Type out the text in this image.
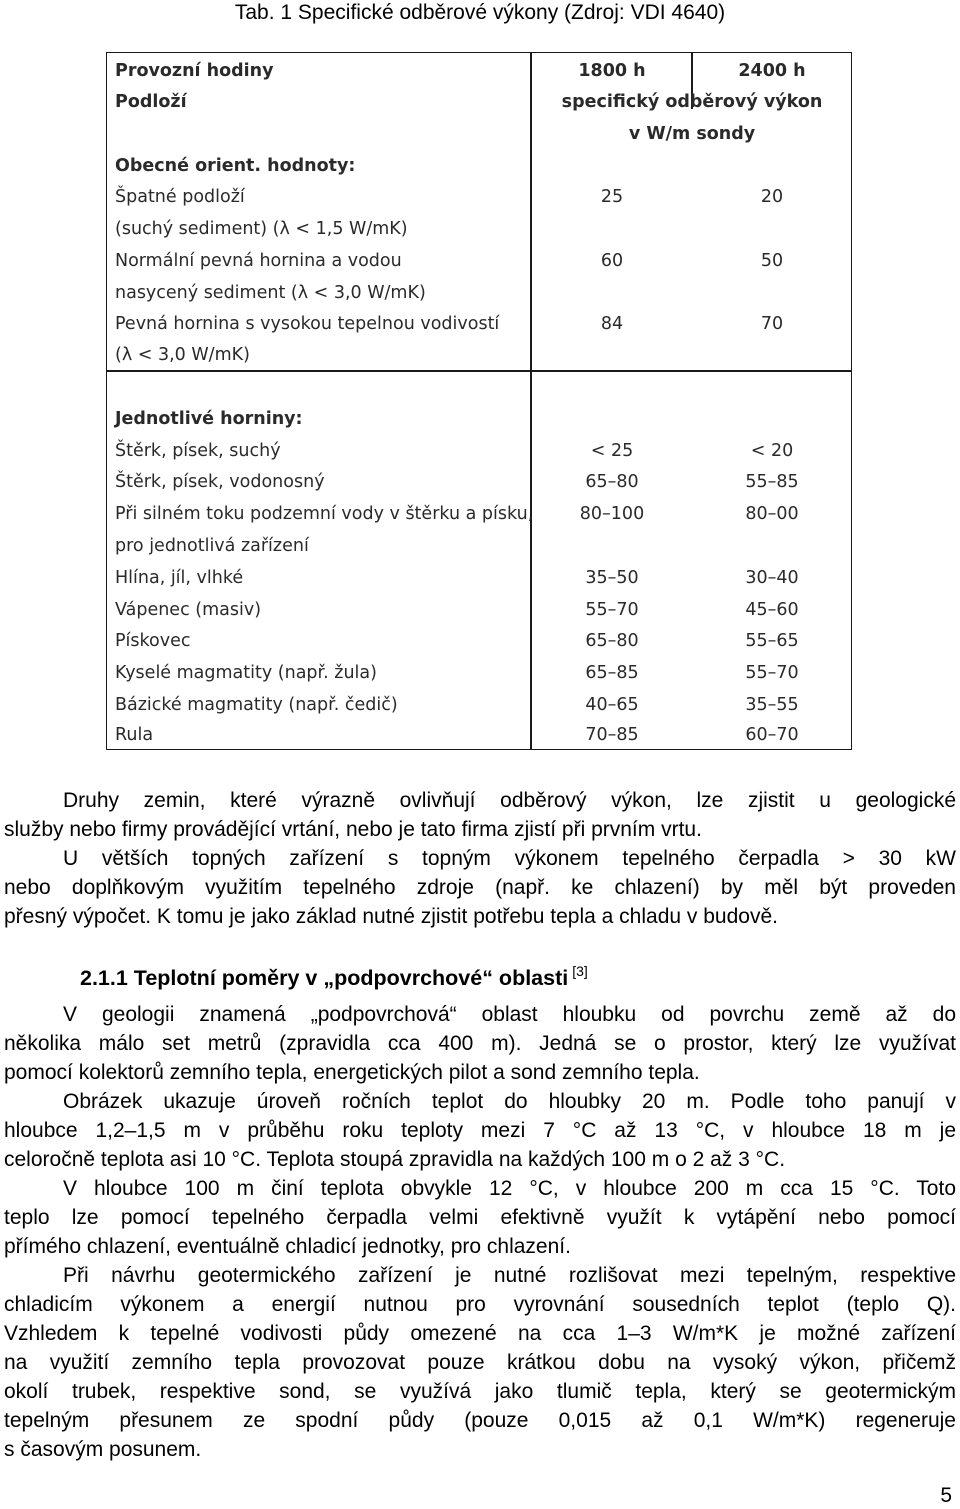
Tab. 1 Specifické odběrové výkony (Zdroj: VDI 4640)
Provozní hodiny	1800 h	2400 h
Podloží	specifický odběrový výkon
v W/m sondy
Obecné orient. hodnoty:
Špatné podloží	25	20
(suchý sediment) (λ < 1,5 W/mK)
Normální pevná hornina a vodou	60	50
nasycený sediment (λ < 3,0 W/mK)
Pevná hornina s vysokou tepelnou vodivostí	84	70
(λ < 3,0 W/mK)
Jednotlivé horniny:
Štěrk, písek, suchý	< 25	< 20
Štěrk, písek, vodonosný	65–80	55–85
Při silném toku podzemní vody v štěrku a písku,	80–100	80–00
pro jednotlivá zařízení
Hlína, jíl, vlhké	35–50	30–40
Vápenec (masiv)	55–70	45–60
Pískovec	65–80	55–65
Kyselé magmatity (např. žula)	65–85	55–70
Bázické magmatity (např. čedič)	40–65	35–55
Rula	70–85	60–70
Druhy zemin, které výrazně ovlivňují odběrový výkon, lze zjistit u geologické
služby nebo firmy provádějící vrtání, nebo je tato firma zjistí při prvním vrtu.
U větších topných zařízení s topným výkonem tepelného čerpadla > 30 kW
nebo doplňkovým využitím tepelného zdroje (např. ke chlazení) by měl být proveden
přesný výpočet. K tomu je jako základ nutné zjistit potřebu tepla a chladu v budově.
2.1.1 Teplotní poměry v „podpovrchové“ oblasti [3]
V geologii znamená „podpovrchová“ oblast hloubku od povrchu země až do
několika málo set metrů (zpravidla cca 400 m). Jedná se o prostor, který lze využívat
pomocí kolektorů zemního tepla, energetických pilot a sond zemního tepla.
Obrázek ukazuje úroveň ročních teplot do hloubky 20 m. Podle toho panují v
hloubce 1,2–1,5 m v průběhu roku teploty mezi 7 °C až 13 °C, v hloubce 18 m je
celoročně teplota asi 10 °C. Teplota stoupá zpravidla na každých 100 m o 2 až 3 °C.
V hloubce 100 m činí teplota obvykle 12 °C, v hloubce 200 m cca 15 °C. Toto
teplo lze pomocí tepelného čerpadla velmi efektivně využít k vytápění nebo pomocí
přímého chlazení, eventuálně chladicí jednotky, pro chlazení.
Při návrhu geotermického zařízení je nutné rozlišovat mezi tepelným, respektive
chladicím výkonem a energií nutnou pro vyrovnání sousedních teplot (teplo Q).
Vzhledem k tepelné vodivosti půdy omezené na cca 1–3 W/m*K je možné zařízení
na využití zemního tepla provozovat pouze krátkou dobu na vysoký výkon, přičemž
okolí trubek, respektive sond, se využívá jako tlumič tepla, který se geotermickým
tepelným přesunem ze spodní půdy (pouze 0,015 až 0,1 W/m*K) regeneruje
s časovým posunem.
5
